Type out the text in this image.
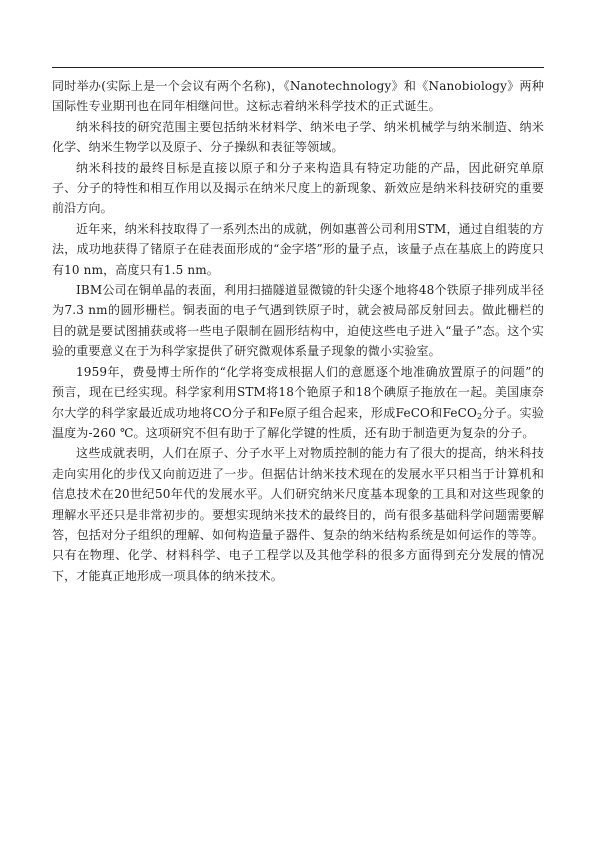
同时举办(实际上是一个会议有两个名称)，《Nanotechnology》和《Nanobiology》两种国际性专业期刊也在同年相继问世。这标志着纳米科学技术的正式诞生。

纳米科技的研究范围主要包括纳米材料学、纳米电子学、纳米机械学与纳米制造、纳米化学、纳米生物学以及原子、分子操纵和表征等领域。

纳米科技的最终目标是直接以原子和分子来构造具有特定功能的产品，因此研究单原子、分子的特性和相互作用以及揭示在纳米尺度上的新现象、新效应是纳米科技研究的重要前沿方向。

近年来，纳米科技取得了一系列杰出的成就，例如惠普公司利用STM，通过自组装的方法，成功地获得了锗原子在硅表面形成的“金字塔”形的量子点，该量子点在基底上的跨度只有10 nm，高度只有1.5 nm。

IBM公司在铜单晶的表面，利用扫描隧道显微镜的针尖逐个地将48个铁原子排列成半径为7.3 nm的圆形栅栏。铜表面的电子气遇到铁原子时，就会被局部反射回去。做此栅栏的目的就是要试图捕获或将一些电子限制在圆形结构中，迫使这些电子进入“量子”态。这个实验的重要意义在于为科学家提供了研究微观体系量子现象的微小实验室。

1959年，费曼博士所作的“化学将变成根据人们的意愿逐个地准确放置原子的问题”的预言，现在已经实现。科学家利用STM将18个铯原子和18个碘原子拖放在一起。美国康奈尔大学的科学家最近成功地将CO分子和Fe原子组合起来，形成FeCO和FeCO$_2$分子。实验温度为-260 ℃。这项研究不但有助于了解化学键的性质，还有助于制造更为复杂的分子。

这些成就表明，人们在原子、分子水平上对物质控制的能力有了很大的提高，纳米科技走向实用化的步伐又向前迈进了一步。但据估计纳米技术现在的发展水平只相当于计算机和信息技术在20世纪50年代的发展水平。人们研究纳米尺度基本现象的工具和对这些现象的理解水平还只是非常初步的。要想实现纳米技术的最终目的，尚有很多基础科学问题需要解答，包括对分子组织的理解、如何构造量子器件、复杂的纳米结构系统是如何运作的等等。只有在物理、化学、材料科学、电子工程学以及其他学科的很多方面得到充分发展的情况下，才能真正地形成一项具体的纳米技术。
